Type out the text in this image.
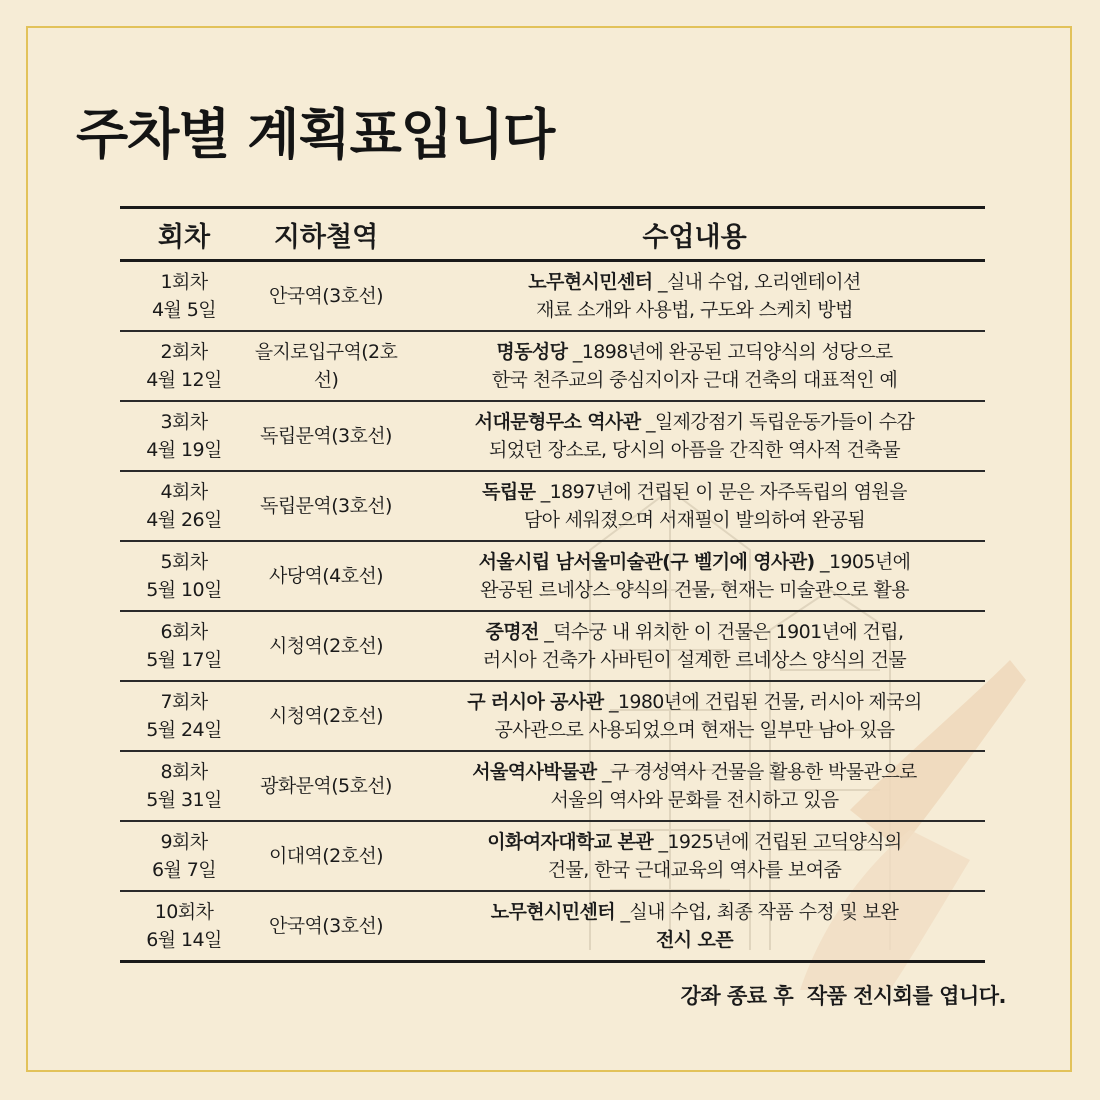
주차별 계획표입니다
회차	지하철역	수업내용

1회차
4월 5일	안국역(3호선)	노무현시민센터 _실내 수업, 오리엔테이션
재료 소개와 사용법, 구도와 스케치 방법

2회차
4월 12일	을지로입구역(2호선)	명동성당 _1898년에 완공된 고딕양식의 성당으로
한국 천주교의 중심지이자 근대 건축의 대표적인 예

3회차
4월 19일	독립문역(3호선)	서대문형무소 역사관 _일제강점기 독립운동가들이 수감
되었던 장소로, 당시의 아픔을 간직한 역사적 건축물

4회차
4월 26일	독립문역(3호선)	독립문 _1897년에 건립된 이 문은 자주독립의 염원을
담아 세워졌으며 서재필이 발의하여 완공됨

5회차
5월 10일	사당역(4호선)	서울시립 남서울미술관(구 벨기에 영사관) _1905년에
완공된 르네상스 양식의 건물, 현재는 미술관으로 활용

6회차
5월 17일	시청역(2호선)	중명전 _덕수궁 내 위치한 이 건물은 1901년에 건립,
러시아 건축가 사바틴이 설계한 르네상스 양식의 건물

7회차
5월 24일	시청역(2호선)	구 러시아 공사관 _1980년에 건립된 건물, 러시아 제국의
공사관으로 사용되었으며 현재는 일부만 남아 있음

8회차
5월 31일	광화문역(5호선)	서울역사박물관 _구 경성역사 건물을 활용한 박물관으로
서울의 역사와 문화를 전시하고 있음

9회차
6월 7일	이대역(2호선)	이화여자대학교 본관 _1925년에 건립된 고딕양식의
건물, 한국 근대교육의 역사를 보여줌

10회차
6월 14일	안국역(3호선)	노무현시민센터 _실내 수업, 최종 작품 수정 및 보완
전시 오픈
강좌 종료 후  작품 전시회를 엽니다.
